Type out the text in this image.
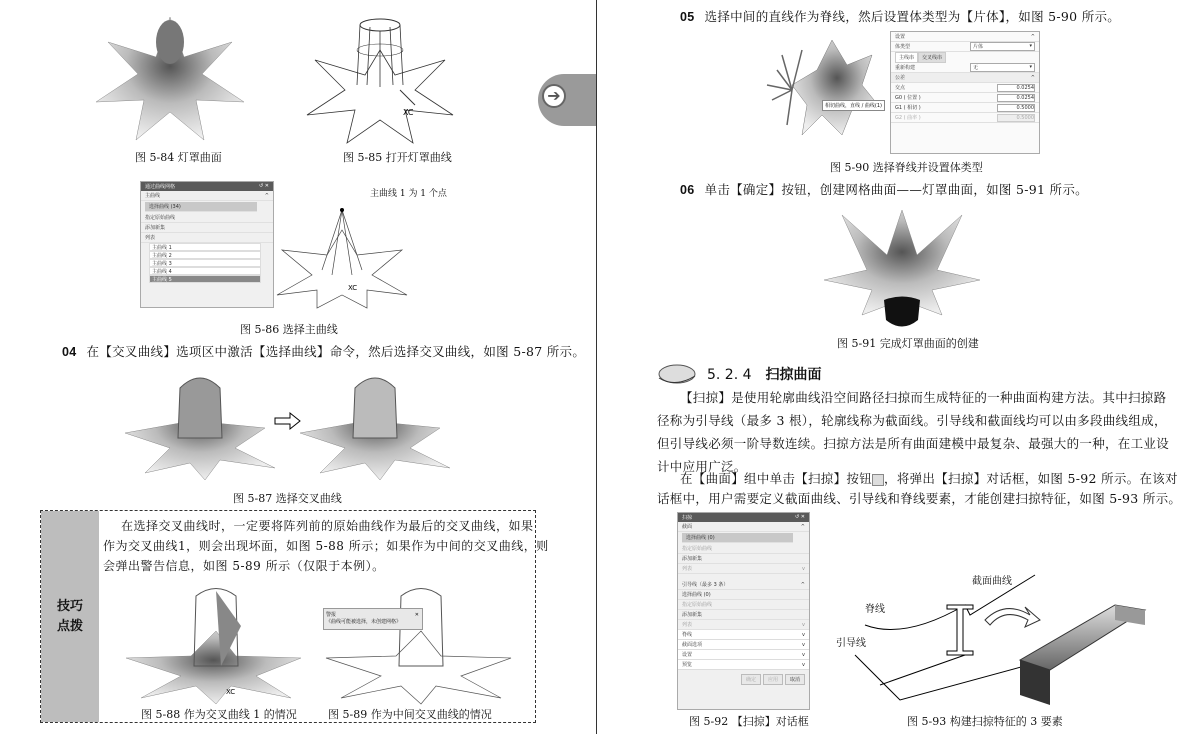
➔
图 5-84 灯罩曲面
XC
图 5-85 打开灯罩曲线
通过曲线网格	↺ ✕
主曲线	^
选择曲线 (34)
指定原始曲线
添加新集
列表
主曲线 1
主曲线 2
主曲线 3
主曲线 4
主曲线 5
XC
主曲线 1 为 1 个点
图 5-86 选择主曲线
04 在【交叉曲线】选项区中激活【选择曲线】命令，然后选择交叉曲线，如图 5-87 所示。
图 5-87 选择交叉曲线
技巧
点拨
在选择交叉曲线时，一定要将阵列前的原始曲线作为最后的交叉曲线，如果
作为交叉曲线1，则会出现坏面，如图 5-88 所示；如果作为中间的交叉曲线，则
会弹出警告信息，如图 5-89 所示（仅限于本例）。
XC
警报
《曲线可能被选择，未创建网格》
✕
图 5-88 作为交叉曲线 1 的情况	图 5-89 作为中间交叉曲线的情况
05 选择中间的直线作为脊线，然后设置体类型为【片体】，如图 5-90 所示。
相切曲线，直线 / 曲线(1)
设置	^
体类型	片体	▾
主线串	交叉线串
重新构建	无	▾
公差	^
交点	0.0254
G0 ( 位置 )	0.0254
G1 ( 相切 )	0.5000
G2 ( 曲率 )	0.5000
图 5-90 选择脊线并设置体类型
06 单击【确定】按钮，创建网格曲面——灯罩曲面，如图 5-91 所示。
图 5-91 完成灯罩曲面的创建
5. 2. 4 扫掠曲面
【扫掠】是使用轮廓曲线沿空间路径扫掠而生成特征的一种曲面构建方法。其中扫掠路
径称为引导线（最多 3 根），轮廓线称为截面线。引导线和截面线均可以由多段曲线组成，
但引导线必须一阶导数连续。扫掠方法是所有曲面建模中最复杂、最强大的一种，在工业设
计中应用广泛。
在【曲面】组中单击【扫掠】按钮 ，将弹出【扫掠】对话框，如图 5-92 所示。在该对
话框中，用户需要定义截面曲线、引导线和脊线要素，才能创建扫掠特征，如图 5-93 所示。
扫掠	↺ ✕
截面	^
选择曲线 (0)
指定原始曲线
添加新集
列表	v
引导线（最多 3 条）	^
选择曲线 (0)
指定原始曲线
添加新集
列表	v
脊线	v
截面选项	v
设置	v
预览	v
确定	应用	取消
图 5-92 【扫掠】对话框
截面曲线
脊线
引导线
图 5-93 构建扫掠特征的 3 要素
